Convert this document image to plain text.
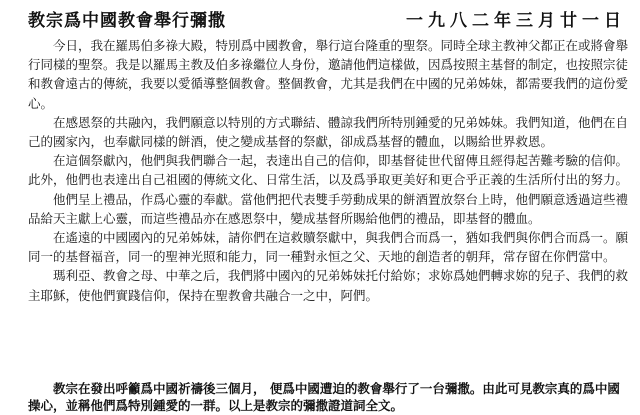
教宗爲中國教會舉行彌撒	一九八二年三月廿一日

今日，我在羅馬伯多祿大殿，特別爲中國教會，舉行這台隆重的聖祭。同時全球主教神父都正在或將會舉行同樣的聖祭。我是以羅馬主教及伯多祿繼位人身份，邀請他們這樣做，因爲按照主基督的制定，也按照宗徒和教會遠古的傳統，我要以愛循導整個教會。整個教會，尤其是我們在中國的兄弟姊妹，都需要我們的這份愛心。

在感恩祭的共融內，我們願意以特別的方式聯結、體諒我們所特別鍾愛的兄弟姊妹。我們知道，他們在自己的國家內，也奉獻同樣的餅酒，使之變成基督的祭獻，卻成爲基督的體血，以賜給世界救恩。

在這個祭獻內，他們與我們聯合一起，表達出自己的信仰，即基督徒世代留傳且經得起苦難考驗的信仰。此外，他們也表達出自己祖國的傳統文化、日常生活，以及爲爭取更美好和更合乎正義的生活所付出的努力。

他們呈上禮品，作爲心靈的奉獻。當他們把代表雙手勞動成果的餅酒置放祭台上時，他們願意透過這些禮品給天主獻上心靈，而這些禮品亦在感恩祭中，變成基督所賜給他們的禮品，即基督的體血。

在遙遠的中國國內的兄弟姊妹，請你們在這救贖祭獻中，與我們合而爲一，猶如我們與你們合而爲一。願同一的基督福音，同一的聖神光照和能力，同一種對永恒之父、天地的創造者的朝拜，常存留在你們當中。

瑪利亞、教會之母、中華之后，我們將中國內的兄弟姊妹托付給妳；求妳爲她們轉求妳的兒子、我們的救主耶穌，使他們實踐信仰，保持在聖教會共融合一之中，阿們。

教宗在發出呼籲爲中國祈禱後三個月， 便爲中國遭迫的教會舉行了一台彌撒。由此可見教宗真的爲中國操心，並稱他們爲特別鍾愛的一群。以上是教宗的彌撒證道詞全文。
